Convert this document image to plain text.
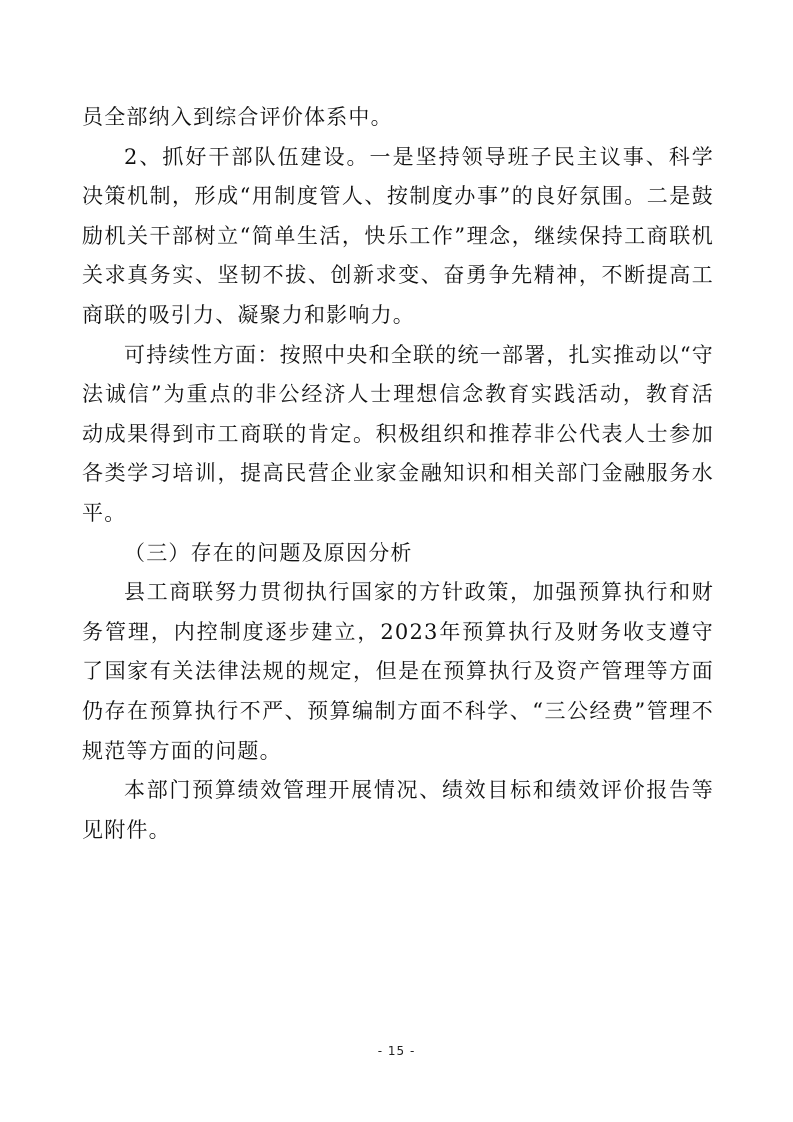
员全部纳入到综合评价体系中。

2、抓好干部队伍建设。一是坚持领导班子民主议事、科学决策机制，形成“用制度管人、按制度办事”的良好氛围。二是鼓励机关干部树立“简单生活，快乐工作”理念，继续保持工商联机关求真务实、坚韧不拔、创新求变、奋勇争先精神，不断提高工商联的吸引力、凝聚力和影响力。

可持续性方面：按照中央和全联的统一部署，扎实推动以“守法诚信”为重点的非公经济人士理想信念教育实践活动，教育活动成果得到市工商联的肯定。积极组织和推荐非公代表人士参加各类学习培训，提高民营企业家金融知识和相关部门金融服务水平。

（三）存在的问题及原因分析

县工商联努力贯彻执行国家的方针政策，加强预算执行和财务管理，内控制度逐步建立，2023年预算执行及财务收支遵守了国家有关法律法规的规定，但是在预算执行及资产管理等方面仍存在预算执行不严、预算编制方面不科学、“三公经费”管理不规范等方面的问题。

本部门预算绩效管理开展情况、绩效目标和绩效评价报告等见附件。

- 15 -
